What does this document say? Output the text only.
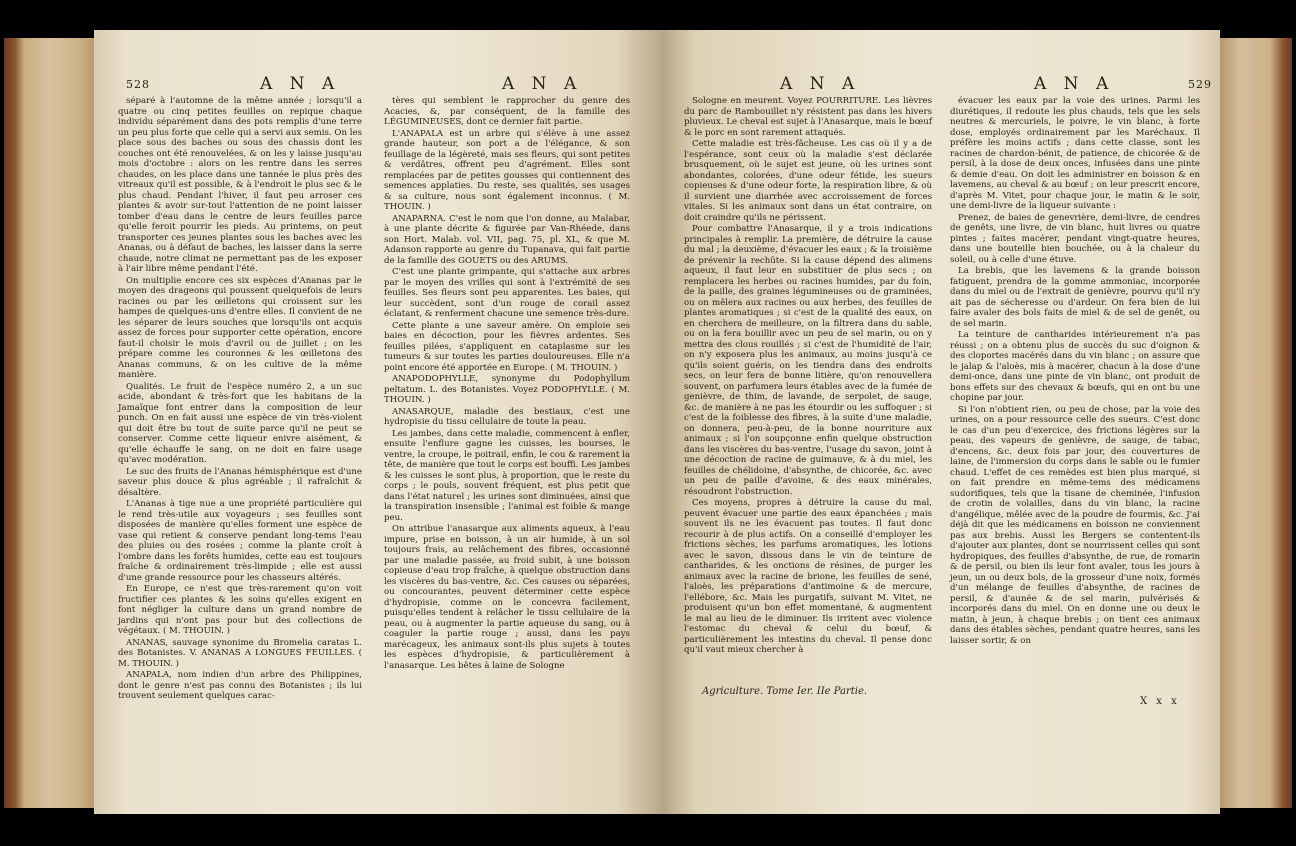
528	A N A	A N A

séparé à l'automne de la même année ; lorsqu'il a quatre ou cinq petites feuilles on repique chaque individu séparément dans des pots remplis d'une terre un peu plus forte que celle qui a servi aux semis. On les place sous des baches ou sous des chassis dont les couches ont été renouvelées, & on les y laisse jusqu'au mois d'octobre : alors on les rentre dans les serres chaudes, on les place dans une tannée le plus près des vitreaux qu'il est possible, & à l'endroit le plus sec & le plus chaud. Pendant l'hiver, il faut peu arroser ces plantes & avoir sur-tout l'attention de ne point laisser tomber d'eau dans le centre de leurs feuilles parce qu'elle feroit pourrir les pieds. Au printems, on peut transporter ces jeunes plantes sous les baches avec les Ananas, ou à défaut de baches, les laisser dans la serre chaude, notre climat ne permettant pas de les exposer à l'air libre même pendant l'été.

On multiplie encore ces six espèces d'Ananas par le moyen des drageons qui poussent quelquefois de leurs racines ou par les œilletons qui croissent sur les hampes de quelques-uns d'entre elles. Il convient de ne les séparer de leurs souches que lorsqu'ils ont acquis assez de forces pour supporter cette opération, encore faut-il choisir le mois d'avril ou de juillet ; on les prépare comme les couronnes & les œilletons des Ananas communs, & on les cultive de la même manière.

Qualités. Le fruit de l'espèce numéro 2, a un suc acide, abondant & très-fort que les habitans de la Jamaïque font entrer dans la composition de leur punch. On en fait aussi une espèce de vin très-violent qui doit être bu tout de suite parce qu'il ne peut se conserver. Comme cette liqueur enivre aisément, & qu'elle échauffe le sang, on ne doit en faire usage qu'avec modération.

Le suc des fruits de l'Ananas hémisphérique est d'une saveur plus douce & plus agréable ; il rafraîchit & désaltère.

L'Ananas à tige nue a une propriété particulière qui le rend très-utile aux voyageurs ; ses feuilles sont disposées de manière qu'elles forment une espèce de vase qui retient & conserve pendant long-tems l'eau des pluies ou des rosées ; comme la plante croît à l'ombre dans les forêts humides, cette eau est toujours fraîche & ordinairement très-limpide ; elle est aussi d'une grande ressource pour les chasseurs altérés.

En Europe, ce n'est que très-rarement qu'on voit fructifier ces plantes & les soins qu'elles exigent en font négliger la culture dans un grand nombre de jardins qui n'ont pas pour but des collections de végétaux. ( M. THOUIN. )

ANANAS, sauvage synonime du Bromelia caratas L. des Botanistes. V. ANANAS A LONGUES FEUILLES. ( M. THOUIN. )

ANAPALA, nom indien d'un arbre des Philippines, dont le genre n'est pas connu des Botanistes ; ils lui trouvent seulement quelques carac-

tères qui semblent le rapprocher du genre des Acacies, &, par conséquent, de la famille des LÉGUMINEUSES, dont ce dernier fait partie.

L'ANAPALA est un arbre qui s'élève à une assez grande hauteur, son port a de l'élégance, & son feuillage de la légèreté, mais ses fleurs, qui sont petites & verdâtres, offrent peu d'agrément. Elles sont remplacées par de petites gousses qui contiennent des semences applaties. Du reste, ses qualités, ses usages & sa culture, nous sont également inconnus. ( M. THOUIN. )

ANAPARNA. C'est le nom que l'on donne, au Malabar, à une plante décrite & figurée par Van-Rhéede, dans son Hort. Malab. vol. VII, pag. 75, pl. XL, & que M. Adanson rapporte au genre du Tupanava, qui fait partie de la famille des GOUETS ou des ARUMS.

C'est une plante grimpante, qui s'attache aux arbres par le moyen des vrilles qui sont à l'extrémité de ses feuilles. Ses fleurs sont peu apparentes. Les baies, qui leur succèdent, sont d'un rouge de corail assez éclatant, & renferment chacune une semence très-dure.

Cette plante a une saveur amère. On emploie ses baies en décoction, pour les fièvres ardentes. Ses feuilles pilées, s'appliquent en cataplasme sur les tumeurs & sur toutes les parties douloureuses. Elle n'a point encore été apportée en Europe. ( M. THOUIN. )

ANAPODOPHYLLE, synonyme du Podophyllum peltatum. L. des Botanistes. Voyez PODOPHYLLE. ( M. THOUIN. )

ANASARQUE, maladie des bestiaux, c'est une hydropisie du tissu cellulaire de toute la peau.

Les jambes, dans cette maladie, commencent à enfler, ensuite l'enflure gagne les cuisses, les bourses, le ventre, la croupe, le poitrail, enfin, le cou & rarement la tête, de manière que tout le corps est bouffi. Les jambes & les cuisses le sont plus, à proportion, que le reste du corps ; le pouls, souvent fréquent, est plus petit que dans l'état naturel ; les urines sont diminuées, ainsi que la transpiration insensible ; l'animal est foible & mange peu.

On attribue l'anasarque aux aliments aqueux, à l'eau impure, prise en boisson, à un air humide, à un sol toujours frais, au relâchement des fibres, occasionné par une maladie passée, au froid subit, à une boisson copieuse d'eau trop fraîche, à quelque obstruction dans les viscères du bas-ventre, &c. Ces causes ou séparées, ou concourantes, peuvent déterminer cette espèce d'hydropisie, comme on le concevra facilement, puisqu'elles tendent à relâcher le tissu cellulaire de la peau, ou à augmenter la partie aqueuse du sang, ou à coaguler la partie rouge ; aussi, dans les pays marécageux, les animaux sont-ils plus sujets à toutes les espèces d'hydropisie, & particulièrement à l'anasarque. Les bêtes à laine de Sologne

A N A	A N A	529

Sologne en meurent. Voyez POURRITURE. Les lièvres du parc de Rambouillet n'y résistent pas dans les hivers pluvieux. Le cheval est sujet à l'Anasarque, mais le bœuf & le porc en sont rarement attaqués.

Cette maladie est très-fâcheuse. Les cas où il y a de l'espérance, sont ceux où la maladie s'est déclarée brusquement, où le sujet est jeune, où les urines sont abondantes, colorées, d'une odeur fétide, les sueurs copieuses & d'une odeur forte, la respiration libre, & où il survient une diarrhée avec accroissement de forces vitales. Si les animaux sont dans un état contraire, on doit craindre qu'ils ne périssent.

Pour combattre l'Anasarque, il y a trois indications principales à remplir. La première, de détruire la cause du mal ; la deuxième, d'évacuer les eaux ; & la troisième de prévenir la rechûte. Si la cause dépend des alimens aqueux, il faut leur en substituer de plus secs ; on remplacera les herbes ou racines humides, par du foin, de la paille, des graines légumineuses ou de graminées, ou on mêlera aux racines ou aux herbes, des feuilles de plantes aromatiques ; si c'est de la qualité des eaux, on en cherchera de meilleure, on la filtrera dans du sable, ou on la fera bouillir avec un peu de sel marin, ou on y mettra des clous rouillés ; si c'est de l'humidité de l'air, on n'y exposera plus les animaux, au moins jusqu'à ce qu'ils soient guéris, on les tiendra dans des endroits secs, on leur fera de bonne litière, qu'on renouvellera souvent, on parfumera leurs étables avec de la fumée de genièvre, de thim, de lavande, de serpolet, de sauge, &c. de manière à ne pas les étourdir ou les suffoquer ; si c'est de la foiblesse des fibres, à la suite d'une maladie, on donnera, peu-à-peu, de la bonne nourriture aux animaux ; si l'on soupçonne enfin quelque obstruction dans les viscères du bas-ventre, l'usage du savon, joint à une décoction de racine de guimauve, & à du miel, les feuilles de chélidoine, d'absynthe, de chicorée, &c. avec un peu de paille d'avoine, & des eaux minérales, résoudront l'obstruction.

Ces moyens, propres à détruire la cause du mal, peuvent évacuer une partie des eaux épanchées ; mais souvent ils ne les évacuent pas toutes. Il faut donc recourir à de plus actifs. On a conseillé d'employer les frictions sèches, les parfums aromatiques, les lotions avec le savon, dissous dans le vin de teinture de cantharides, & les onctions de résines, de purger les animaux avec la racine de brione, les feuilles de sené, l'aloès, les préparations d'antimoine & de mercure, l'ellébore, &c. Mais les purgatifs, suivant M. Vitet, ne produisent qu'un bon effet momentané, & augmentent le mal au lieu de le diminuer. Ils irritent avec violence l'estomac du cheval & celui du bœuf, & particulièrement les intestins du cheval. Il pense donc qu'il vaut mieux chercher à

évacuer les eaux par la voie des urines. Parmi les diurétiques, il redoute les plus chauds, tels que les sels neutres & mercuriels, le poivre, le vin blanc, à forte dose, employés ordinairement par les Maréchaux. Il préfère les moins actifs ; dans cette classe, sont les racines de chardon-bénit, de patience, de chicorée & de persil, à la dose de deux onces, infusées dans une pinte & demie d'eau. On doit les administrer en boisson & en lavemens, au cheval & au bœuf ; on leur prescrit encore, d'après M. Vitet, pour chaque jour, le matin & le soir, une demi-livre de la liqueur suivante :

Prenez, de baies de genevrière, demi-livre, de cendres de genêts, une livre, de vin blanc, huit livres ou quatre pintes ; faites macérer, pendant vingt-quatre heures, dans une bouteille bien bouchée, ou à la chaleur du soleil, ou à celle d'une étuve.

La brebis, que les lavemens & la grande boisson fatiguent, prendra de la gomme ammoniac, incorporée dans du miel ou de l'extrait de genièvre, pourvu qu'il n'y ait pas de sécheresse ou d'ardeur. On fera bien de lui faire avaler des bols faits de miel & de sel de genêt, ou de sel marin.

La teinture de cantharides intérieurement n'a pas réussi ; on a obtenu plus de succès du suc d'oignon & des cloportes macérés dans du vin blanc ; on assure que le jalap & l'aloès, mis à macérer, chacun à la dose d'une demi-once, dans une pinte de vin blanc, ont produit de bons effets sur des chevaux & bœufs, qui en ont bu une chopine par jour.

Si l'on n'obtient rien, ou peu de chose, par la voie des urines, on a pour ressource celle des sueurs. C'est donc le cas d'un peu d'exercice, des frictions légères sur la peau, des vapeurs de genièvre, de sauge, de tabac, d'encens, &c. deux fois par jour, des couvertures de laine, de l'immersion du corps dans le sable ou le fumier chaud. L'effet de ces remèdes est bien plus marqué, si on fait prendre en même-tems des médicamens sudorifiques, tels que la tisane de cheminée, l'infusion de crotin de volailles, dans du vin blanc, la racine d'angélique, mêlée avec de la poudre de fourmis, &c. J'ai déjà dit que les médicamens en boisson ne conviennent pas aux brebis. Aussi les Bergers se contentent-ils d'ajouter aux plantes, dont se nourrissent celles qui sont hydropiques, des feuilles d'absynthe, de rue, de romarin & de persil, ou bien ils leur font avaler, tous les jours à jeun, un ou deux bols, de la grosseur d'une noix, formés d'un mélange de feuilles d'absynthe, de racines de persil, & d'aunée & de sel marin, pulvérisés & incorporés dans du miel. On en donne une ou deux le matin, à jeun, à chaque brebis ; on tient ces animaux dans des étables sèches, pendant quatre heures, sans les laisser sortir, & on

Agriculture. Tome Ier. IIe Partie.
X x x
